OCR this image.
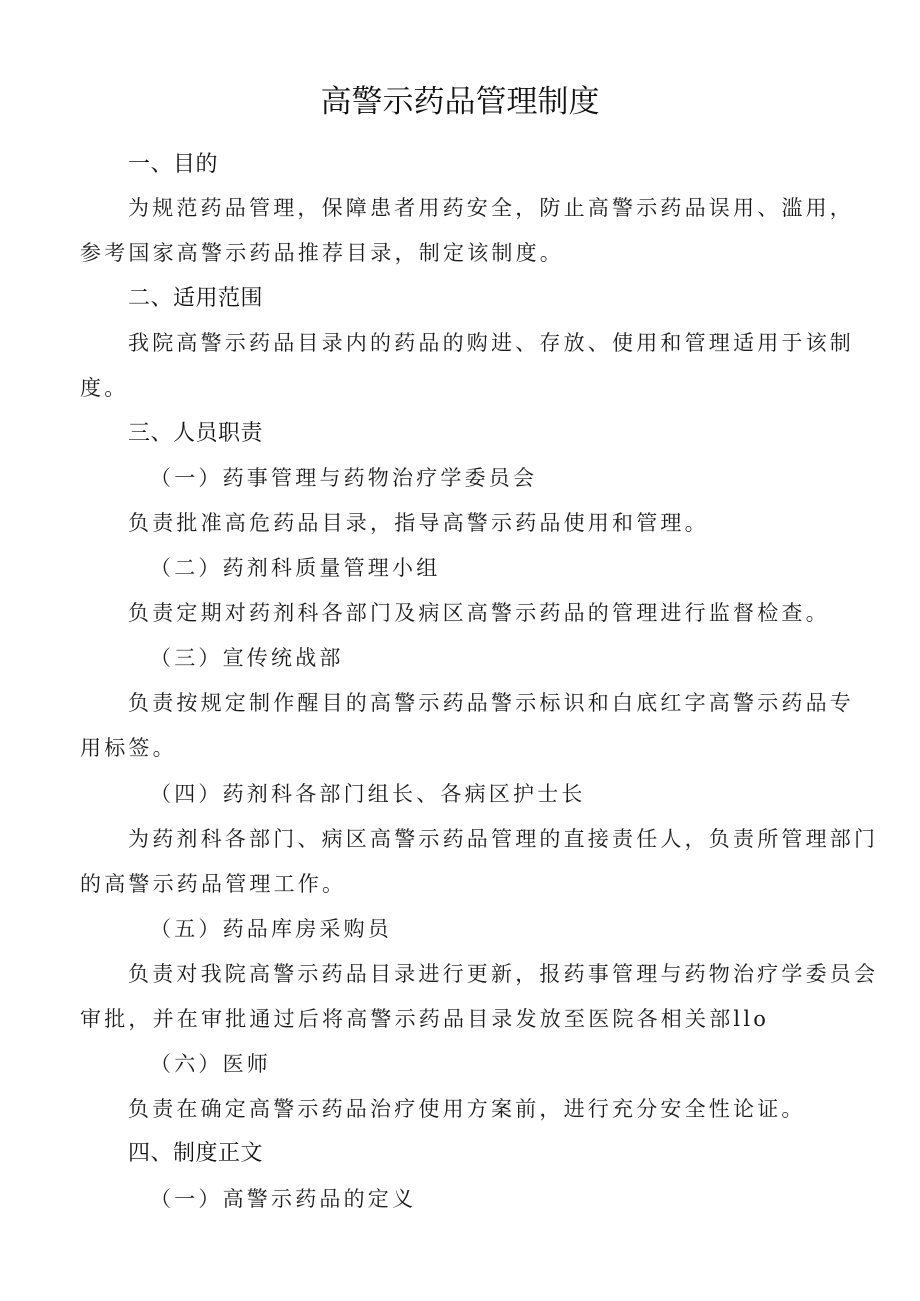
高警示药品管理制度
一、目的
为规范药品管理，保障患者用药安全，防止高警示药品误用、滥用，
参考国家高警示药品推荐目录，制定该制度。
二、适用范围
我院高警示药品目录内的药品的购进、存放、使用和管理适用于该制
度。
三、人员职责
（一）药事管理与药物治疗学委员会
负责批准高危药品目录，指导高警示药品使用和管理。
（二）药剂科质量管理小组
负责定期对药剂科各部门及病区高警示药品的管理进行监督检查。
（三）宣传统战部
负责按规定制作醒目的高警示药品警示标识和白底红字高警示药品专
用标签。
（四）药剂科各部门组长、各病区护士长
为药剂科各部门、病区高警示药品管理的直接责任人，负责所管理部门
的高警示药品管理工作。
（五）药品库房采购员
负责对我院高警示药品目录进行更新，报药事管理与药物治疗学委员会
审批，并在审批通过后将高警示药品目录发放至医院各相关部llo
（六）医师
负责在确定高警示药品治疗使用方案前，进行充分安全性论证。
四、制度正文
（一）高警示药品的定义
